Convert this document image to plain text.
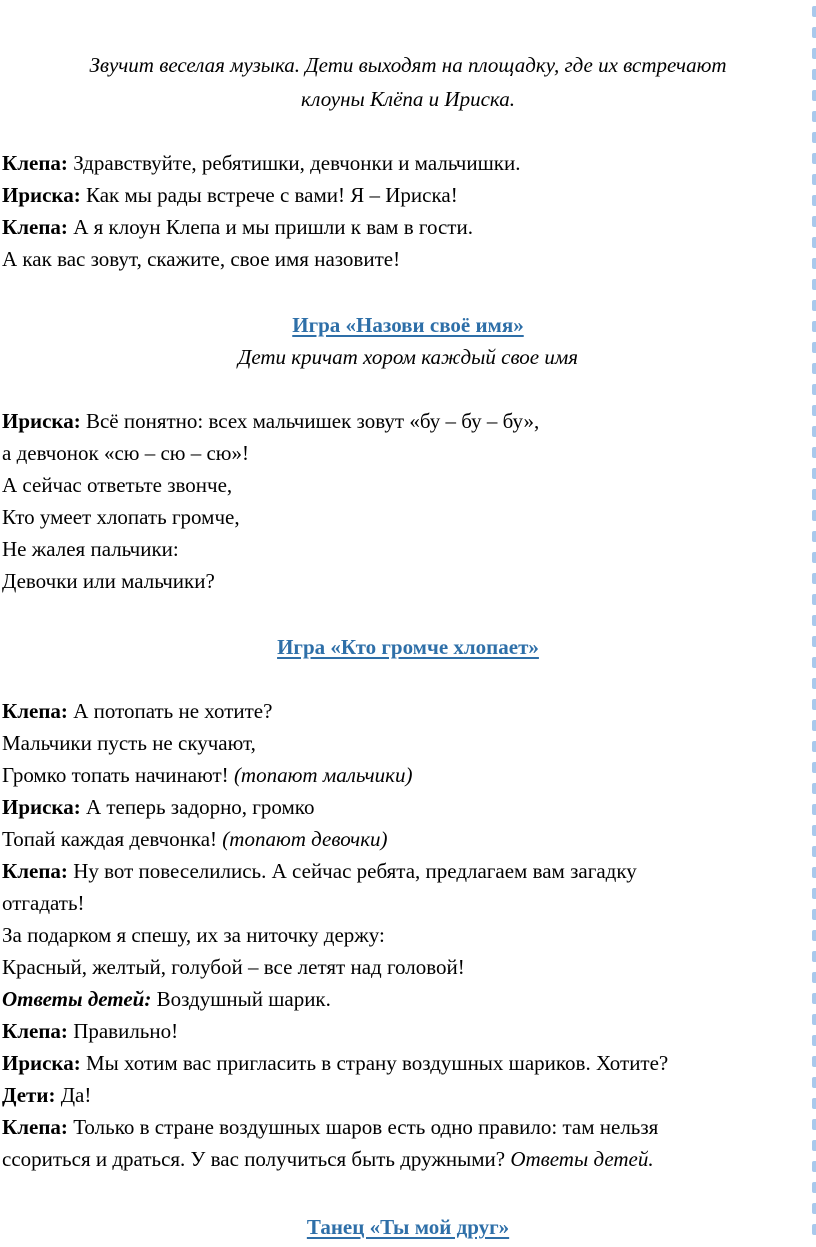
Звучит веселая музыка. Дети выходят на площадку, где их встречают
клоуны Клёпа и Ириска.
Клепа: Здравствуйте, ребятишки, девчонки и мальчишки.
Ириска: Как мы рады встрече с вами! Я – Ириска!
Клепа: А я клоун Клепа и мы пришли к вам в гости.
А как вас зовут, скажите, свое имя назовите!
Игра «Назови своё имя»
Дети кричат хором каждый свое имя
Ириска: Всё понятно: всех мальчишек зовут «бу – бу – бу»,
а девчонок «сю – сю – сю»!
А сейчас ответьте звонче,
Кто умеет хлопать громче,
Не жалея пальчики:
Девочки или мальчики?
Игра «Кто громче хлопает»
Клепа: А потопать не хотите?
Мальчики пусть не скучают,
Громко топать начинают! (топают мальчики)
Ириска: А теперь задорно, громко
Топай каждая девчонка! (топают девочки)
Клепа: Ну вот повеселились. А сейчас ребята, предлагаем вам загадку
отгадать!
За подарком я спешу, их за ниточку держу:
Красный, желтый, голубой – все летят над головой!
Ответы детей: Воздушный шарик.
Клепа: Правильно!
Ириска: Мы хотим вас пригласить в страну воздушных шариков. Хотите?
Дети: Да!
Клепа: Только в стране воздушных шаров есть одно правило: там нельзя
ссориться и драться. У вас получиться быть дружными? Ответы детей.
Танец «Ты мой друг»
